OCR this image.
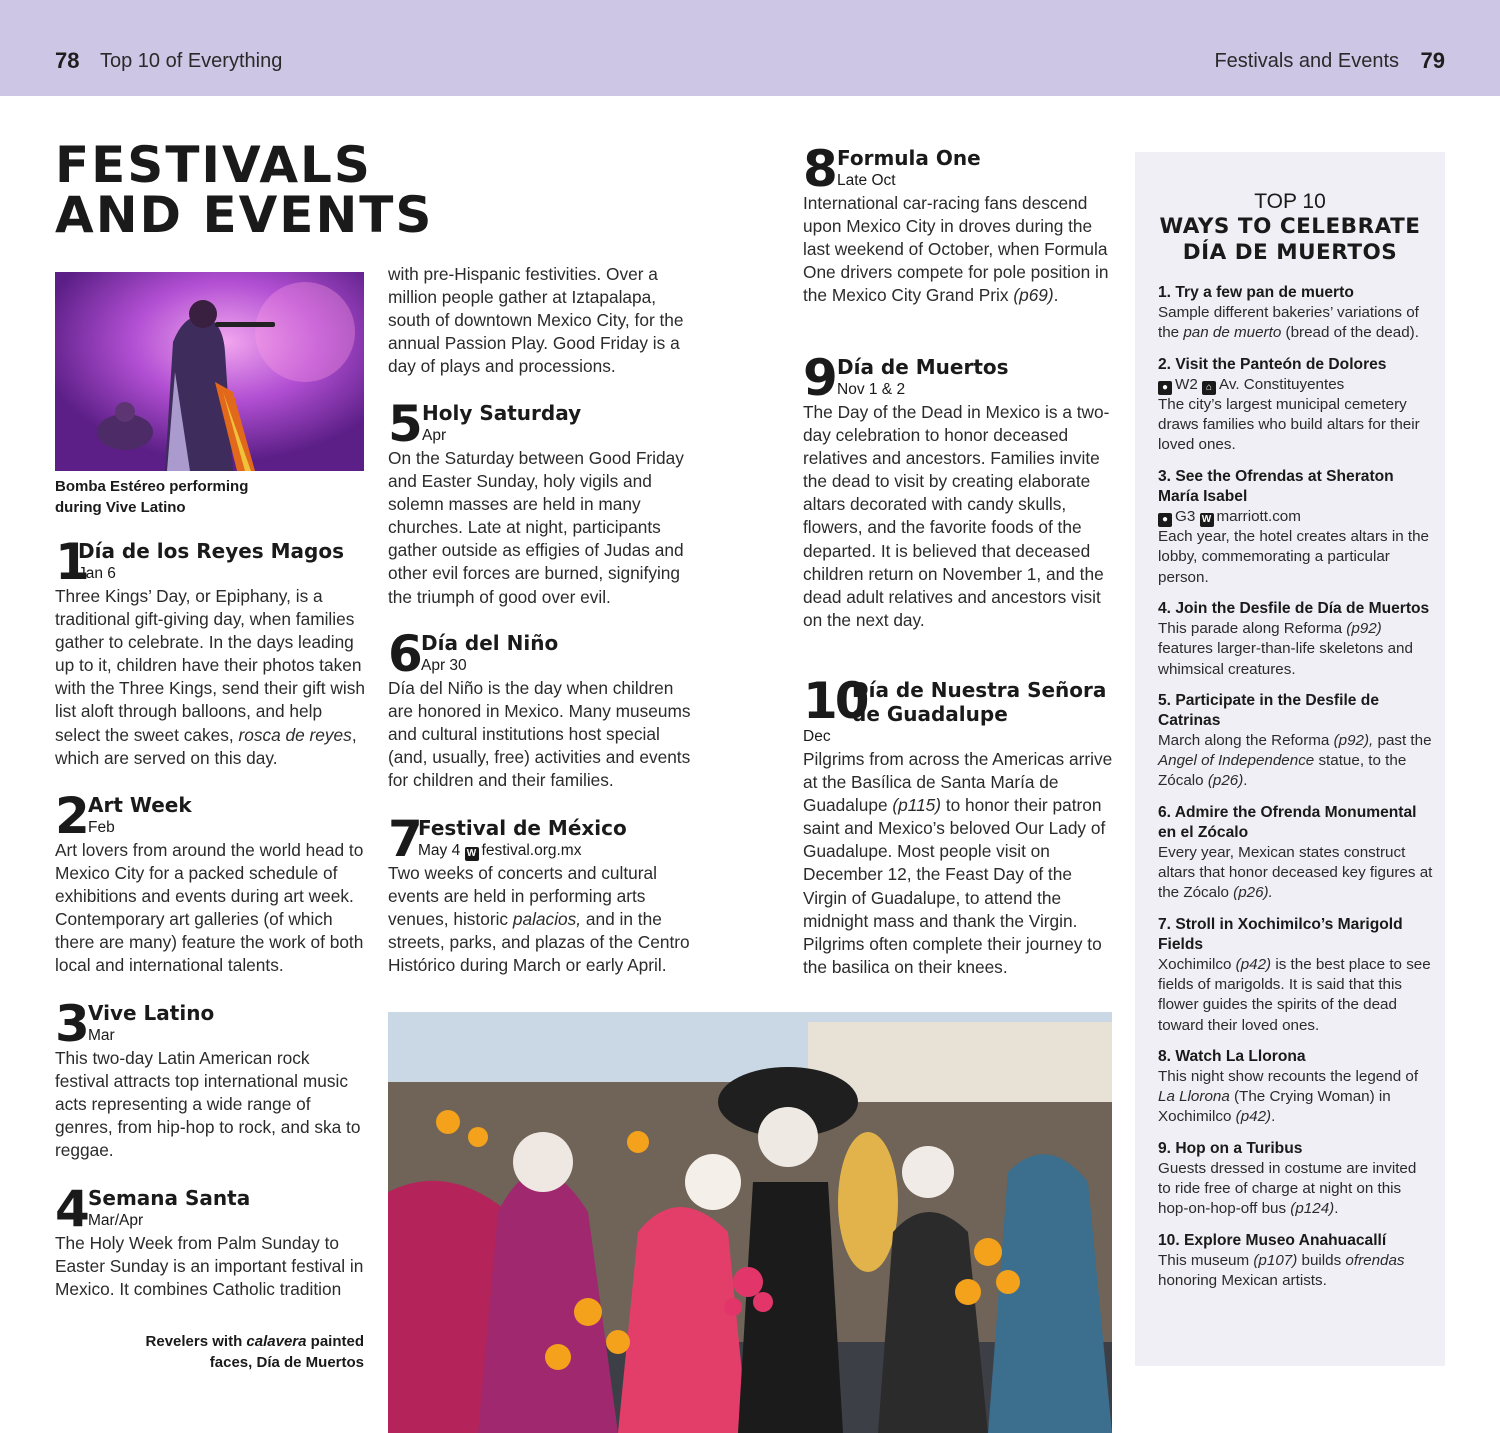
78 Top 10 of Everything	Festivals and Events 79
FESTIVALS
AND EVENTS
Bomba Estéreo performing
during Vive Latino
1
Día de los Reyes Magos
Jan 6

Three Kings’ Day, or Epiphany, is a traditional gift-giving day, when families gather to celebrate. In the days leading up to it, children have their photos taken with the Three Kings, send their gift wish list aloft through balloons, and help select the sweet cakes, rosca de reyes, which are served on this day.

2 Art Week
Feb

Art lovers from around the world head to Mexico City for a packed schedule of exhibitions and events during art week. Contemporary art galleries (of which there are many) feature the work of both local and international talents.

3 Vive Latino
Mar

This two-day Latin American rock festival attracts top international music acts representing a wide range of genres, from hip-hop to rock, and ska to reggae.

4 Semana Santa
Mar/Apr

The Holy Week from Palm Sunday to Easter Sunday is an important festival in Mexico. It combines Catholic tradition

Revelers with calavera painted
faces, Día de Muertos

with pre-Hispanic festivities. Over a million people gather at Iztapalapa, south of downtown Mexico City, for the annual Passion Play. Good Friday is a day of plays and processions.

5 Holy Saturday
Apr

On the Saturday between Good Friday and Easter Sunday, holy vigils and solemn masses are held in many churches. Late at night, participants gather outside as effigies of Judas and other evil forces are burned, signifying the triumph of good over evil.

6 Día del Niño
Apr 30

Día del Niño is the day when children are honored in Mexico. Many museums and cultural institutions host special (and, usually, free) activities and events for children and their families.

7
Festival de México
May 4 W festival.org.mx

Two weeks of concerts and cultural events are held in performing arts venues, historic palacios, and in the streets, parks, and plazas of the Centro Histórico during March or early April.

8 Formula One
Late Oct

International car-racing fans descend upon Mexico City in droves during the last weekend of October, when Formula One drivers compete for pole position in the Mexico City Grand Prix (p69).

9 Día de Muertos
Nov 1 & 2

The Day of the Dead in Mexico is a two-day celebration to honor deceased relatives and ancestors. Families invite the dead to visit by creating elaborate altars decorated with candy skulls, flowers, and the favorite foods of the departed. It is believed that deceased children return on November 1, and the dead adult relatives and ancestors visit on the next day.

10
Día de Nuestra Señora
de Guadalupe
Dec

Pilgrims from across the Americas arrive at the Basílica de Santa María de Guadalupe (p115) to honor their patron saint and Mexico’s beloved Our Lady of Guadalupe. Most people visit on December 12, the Feast Day of the Virgin of Guadalupe, to attend the midnight mass and thank the Virgin. Pilgrims often complete their journey to the basilica on their knees.

TOP 10
WAYS TO CELEBRATE
DÍA DE MUERTOS
1. Try a few pan de muerto
Sample different bakeries’ variations of the pan de muerto (bread of the dead).
2. Visit the Panteón de Dolores
● W2 ⌂ Av. Constituyentes
The city’s largest municipal cemetery draws families who build altars for their loved ones.
3. See the Ofrendas at Sheraton María Isabel
● G3 W marriott.com
Each year, the hotel creates altars in the lobby, commemorating a particular person.
4. Join the Desfile de Día de Muertos
This parade along Reforma (p92) features larger-than-life skeletons and whimsical creatures.
5. Participate in the Desfile de Catrinas
March along the Reforma (p92), past the Angel of Independence statue, to the Zócalo (p26).
6. Admire the Ofrenda Monumental en el Zócalo
Every year, Mexican states construct altars that honor deceased key figures at the Zócalo (p26).
7. Stroll in Xochimilco’s Marigold Fields
Xochimilco (p42) is the best place to see fields of marigolds. It is said that this flower guides the spirits of the dead toward their loved ones.
8. Watch La Llorona
This night show recounts the legend of La Llorona (The Crying Woman) in Xochimilco (p42).
9. Hop on a Turibus
Guests dressed in costume are invited to ride free of charge at night on this hop-on-hop-off bus (p124).
10. Explore Museo Anahuacallí
This museum (p107) builds ofrendas honoring Mexican artists.
